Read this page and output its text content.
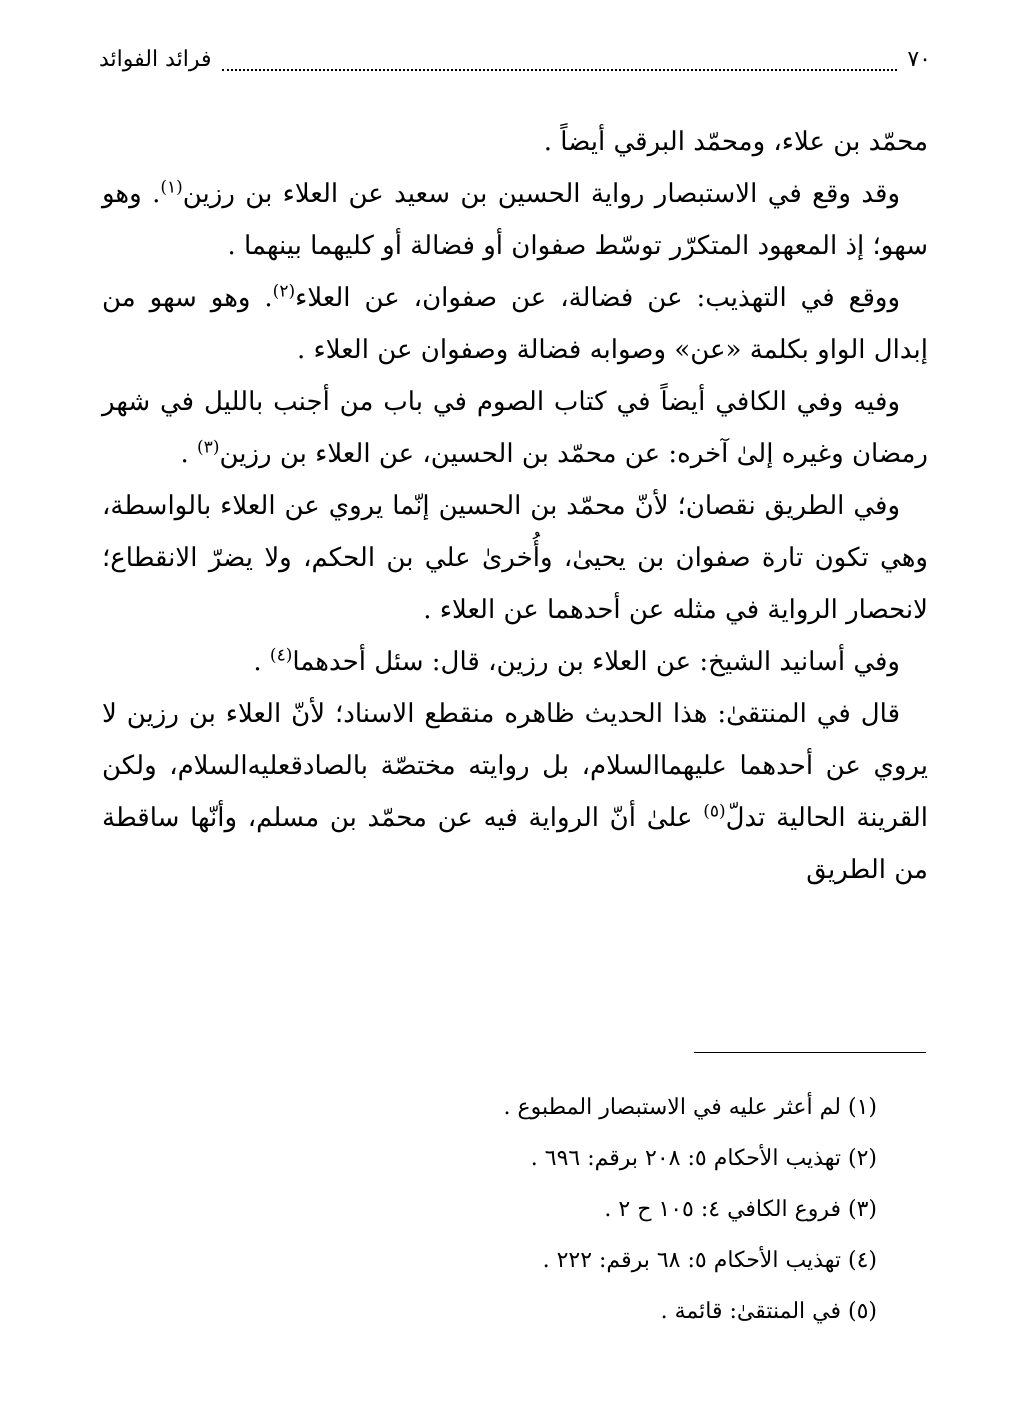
٧٠
فرائد الفوائد

محمّد بن علاء، ومحمّد البرقي أيضاً .

وقد وقع في الاستبصار رواية الحسين بن سعيد عن العلاء بن رزين$^{(١)}$. وهو سهو؛ إذ المعهود المتكرّر توسّط صفوان أو فضالة أو كليهما بينهما .

ووقع في التهذيب: عن فضالة، عن صفوان، عن العلاء$^{(٢)}$. وهو سهو من إبدال الواو بكلمة «عن» وصوابه فضالة وصفوان عن العلاء .

وفيه وفي الكافي أيضاً في كتاب الصوم في باب من أجنب بالليل في شهر رمضان وغيره إلىٰ آخره: عن محمّد بن الحسين، عن العلاء بن رزين$^{(٣)}$ .

وفي الطريق نقصان؛ لأنّ محمّد بن الحسين إنّما يروي عن العلاء بالواسطة، وهي تكون تارة صفوان بن يحيىٰ، وأُخرىٰ علي بن الحكم، ولا يضرّ الانقطاع؛ لانحصار الرواية في مثله عن أحدهما عن العلاء .

وفي أسانيد الشيخ: عن العلاء بن رزين، قال: سئل أحدهما$^{(٤)}$ .

قال في المنتقىٰ: هذا الحديث ظاهره منقطع الاسناد؛ لأنّ العلاء بن رزين لا يروي عن أحدهما عليهماالسلام، بل روايته مختصّة بالصادق‏عليه‌السلام، ولكن القرينة الحالية تدلّ$^{(٥)}$ علىٰ أنّ الرواية فيه عن محمّد بن مسلم، وأنّها ساقطة من الطريق

(١) لم أعثر عليه في الاستبصار المطبوع .

(٢) تهذيب الأحكام ٥: ٢٠٨ برقم: ٦٩٦ .

(٣) فروع الكافي ٤: ١٠٥ ح ٢ .

(٤) تهذيب الأحكام ٥: ٦٨ برقم: ٢٢٢ .

(٥) في المنتقىٰ: قائمة .
